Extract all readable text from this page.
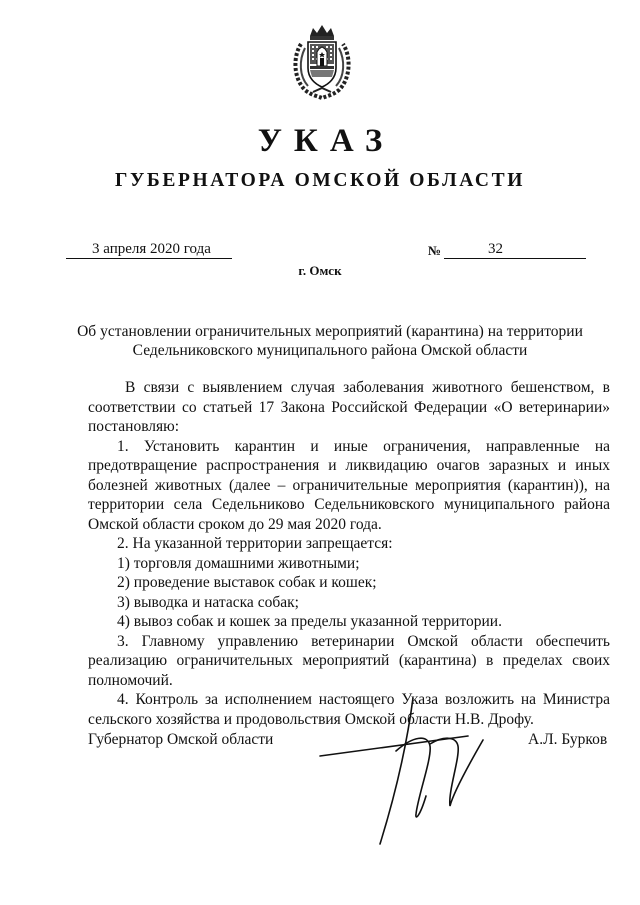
УКАЗ
ГУБЕРНАТОРА ОМСКОЙ ОБЛАСТИ
3 апреля 2020 года	№	32
г. Омск

Об установлении ограничительных мероприятий (карантина) на территории Седельниковского муниципального района Омской области

В связи с выявлением случая заболевания животного бешенством, в соответствии со статьей 17 Закона Российской Федерации «О ветеринарии» постановляю:

1. Установить карантин и иные ограничения, направленные на предотвращение распространения и ликвидацию очагов заразных и иных болезней животных (далее – ограничительные мероприятия (карантин)), на территории села Седельниково Седельниковского муниципального района Омской области сроком до 29 мая 2020 года.

2. На указанной территории запрещается:

1) торговля домашними животными;

2) проведение выставок собак и кошек;

3) выводка и натаска собак;

4) вывоз собак и кошек за пределы указанной территории.

3. Главному управлению ветеринарии Омской области обеспечить реализацию ограничительных мероприятий (карантина) в пределах своих полномочий.

4. Контроль за исполнением настоящего Указа возложить на Министра сельского хозяйства и продовольствия Омской области Н.В. Дрофу.

Губернатор Омской области	А.Л. Бурков
